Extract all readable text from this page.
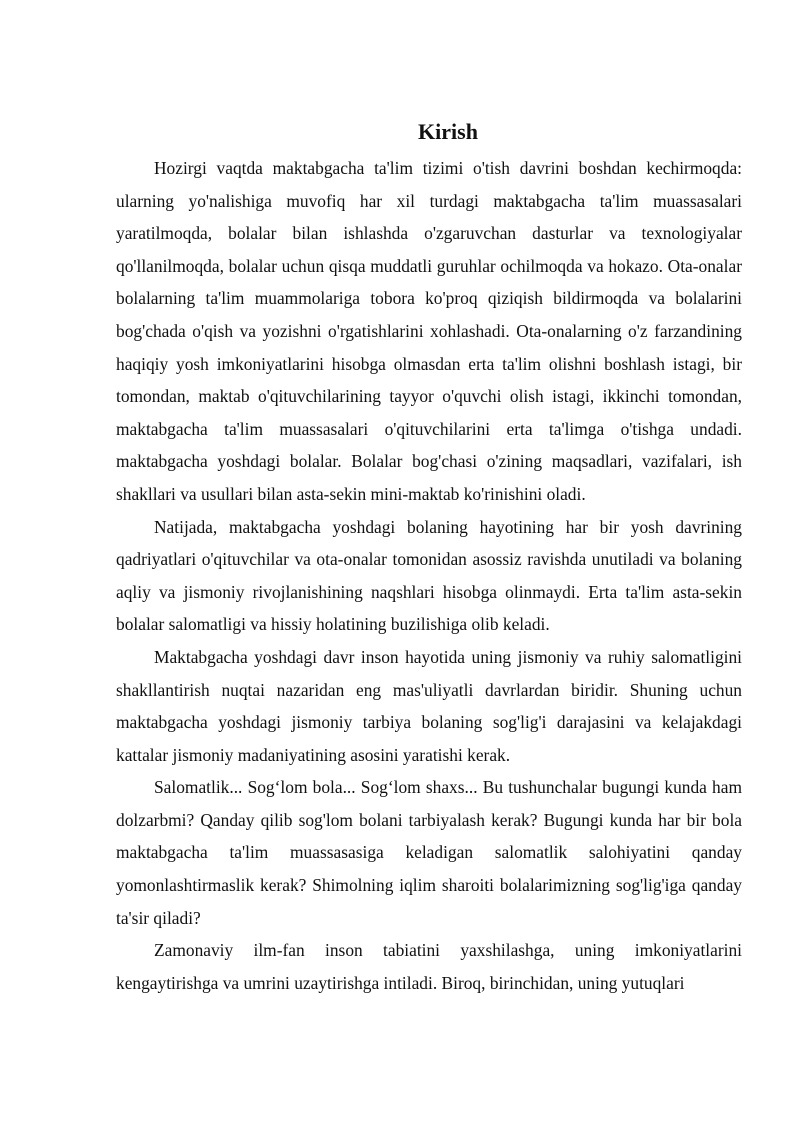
Kirish

Hozirgi vaqtda maktabgacha ta'lim tizimi o'tish davrini boshdan kechirmoqda: ularning yo'nalishiga muvofiq har xil turdagi maktabgacha ta'lim muassasalari yaratilmoqda, bolalar bilan ishlashda o'zgaruvchan dasturlar va texnologiyalar qo'llanilmoqda, bolalar uchun qisqa muddatli guruhlar ochilmoqda va hokazo. Ota-onalar bolalarning ta'lim muammolariga tobora ko'proq qiziqish bildirmoqda va bolalarini bog'chada o'qish va yozishni o'rgatishlarini xohlashadi. Ota-onalarning o'z farzandining haqiqiy yosh imkoniyatlarini hisobga olmasdan erta ta'lim olishni boshlash istagi, bir tomondan, maktab o'qituvchilarining tayyor o'quvchi olish istagi, ikkinchi tomondan, maktabgacha ta'lim muassasalari o'qituvchilarini erta ta'limga o'tishga undadi. maktabgacha yoshdagi bolalar. Bolalar bog'chasi o'zining maqsadlari, vazifalari, ish shakllari va usullari bilan asta-sekin mini-maktab ko'rinishini oladi.

Natijada, maktabgacha yoshdagi bolaning hayotining har bir yosh davrining qadriyatlari o'qituvchilar va ota-onalar tomonidan asossiz ravishda unutiladi va bolaning aqliy va jismoniy rivojlanishining naqshlari hisobga olinmaydi. Erta ta'lim asta-sekin bolalar salomatligi va hissiy holatining buzilishiga olib keladi.

Maktabgacha yoshdagi davr inson hayotida uning jismoniy va ruhiy salomatligini shakllantirish nuqtai nazaridan eng mas'uliyatli davrlardan biridir. Shuning uchun maktabgacha yoshdagi jismoniy tarbiya bolaning sog'lig'i darajasini va kelajakdagi kattalar jismoniy madaniyatining asosini yaratishi kerak.

Salomatlik... Sog‘lom bola... Sog‘lom shaxs... Bu tushunchalar bugungi kunda ham dolzarbmi? Qanday qilib sog'lom bolani tarbiyalash kerak? Bugungi kunda har bir bola maktabgacha ta'lim muassasasiga keladigan salomatlik salohiyatini qanday yomonlashtirmaslik kerak? Shimolning iqlim sharoiti bolalarimizning sog'lig'iga qanday ta'sir qiladi?

Zamonaviy ilm-fan inson tabiatini yaxshilashga, uning imkoniyatlarini kengaytirishga va umrini uzaytirishga intiladi. Biroq, birinchidan, uning yutuqlari
